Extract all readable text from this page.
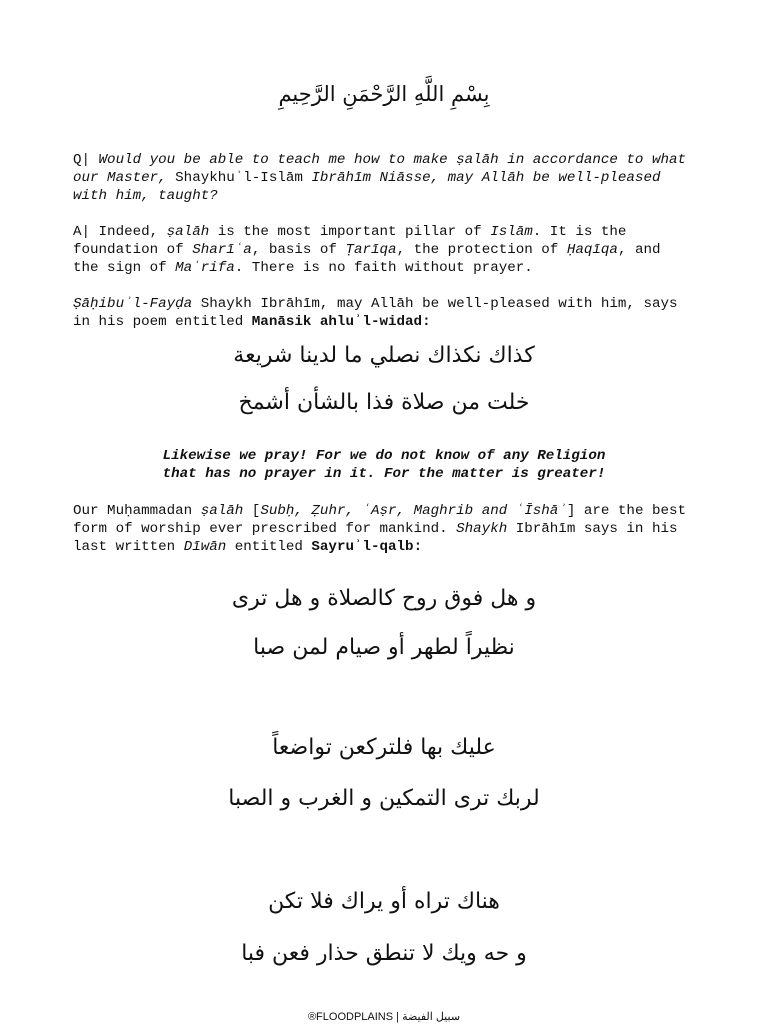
بِسْمِ اللَّهِ الرَّحْمَنِ الرَّحِيمِ

Q| Would you be able to teach me how to make ṣalāh in accordance to what our Master, Shaykhuʾl-Islām Ibrāhīm Niāsse, may Allāh be well-pleased with him, taught?

A| Indeed, ṣalāh is the most important pillar of Islām. It is the foundation of Sharīʿa, basis of Ṭarīqa, the protection of Ḥaqīqa, and the sign of Maʿrifa. There is no faith without prayer.

Ṣāḥibuʾl-Fayḍa Shaykh Ibrāhīm, may Allāh be well-pleased with him, says in his poem entitled Manāsik ahluʾl-widad:

كذاك نكذاك نصلي ما لدينا شريعة
خلت من صلاة فذا بالشأن أشمخ

Likewise we pray! For we do not know of any Religion

that has no prayer in it. For the matter is greater!

Our Muḥammadan ṣalāh [Subḥ, Ẓuhr, ʿAṣr, Maghrib and ʿĪshāʾ] are the best form of worship ever prescribed for mankind. Shaykh Ibrāhīm says in his last written Dīwān entitled Sayruʾl-qalb:

و هل فوق روح كالصلاة و هل ترى
نظيراً لطهر أو صيام لمن صبا
عليك بها فلتركعن تواضعاً
لربك ترى التمكين و الغرب و الصبا
هناك تراه أو يراك فلا تكن
و حه ويك لا تنطق حذار فعن فبا
®FLOODPLAINS | سبيل الفيضة
